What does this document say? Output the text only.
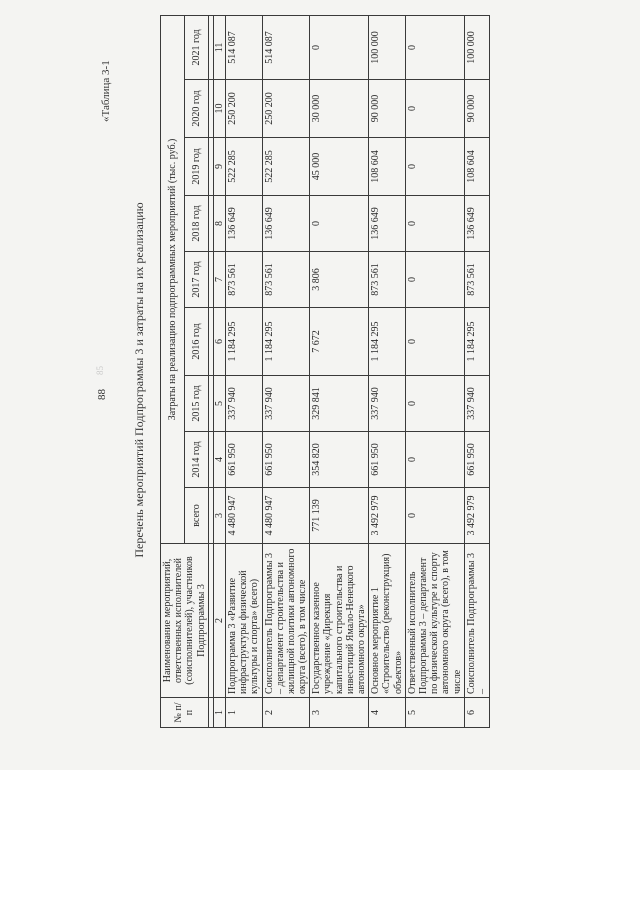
85
88
«Таблица 3-1
Перечень мероприятий Подпрограммы 3 и затраты на их реализацию
№ п/п	Наименование мероприятий, ответственных исполнителей (соисполнителей), участников Подпрограммы 3	Затраты на реализацию подпрограммных мероприятий (тыс. руб.)								
		всего	2014 год	2015 год	2016 год	2017 год	2018 год	2019 год	2020 год	2021 год

1	2	3	4	5	6	7	8	9	10	11
1	Подпрограмма 3 «Развитие инфраструктуры физической культуры и спорта» (всего)	4 480 947	661 950	337 940	1 184 295	873 561	136 649	522 285	250 200	514 087
2	Соисполнитель Подпрограммы 3 – департамент строительства и жилищной политики автономного округа (всего), в том числе	4 480 947	661 950	337 940	1 184 295	873 561	136 649	522 285	250 200	514 087
3	Государственное казенное учреждение «Дирекция капитального строительства и инвестиций Ямало-Ненецкого автономного округа»	771 139	354 820	329 841	7 672	3 806	0	45 000	30 000	0
4	Основное мероприятие 1 «Строительство (реконструкция) объектов»	3 492 979	661 950	337 940	1 184 295	873 561	136 649	108 604	90 000	100 000
5	Ответственный исполнитель Подпрограммы 3 – департамент по физической культуре и спорту автономного округа (всего), в том числе	0	0	0	0	0	0	0	0	0
6	Соисполнитель Подпрограммы 3 –	3 492 979	661 950	337 940	1 184 295	873 561	136 649	108 604	90 000	100 000
